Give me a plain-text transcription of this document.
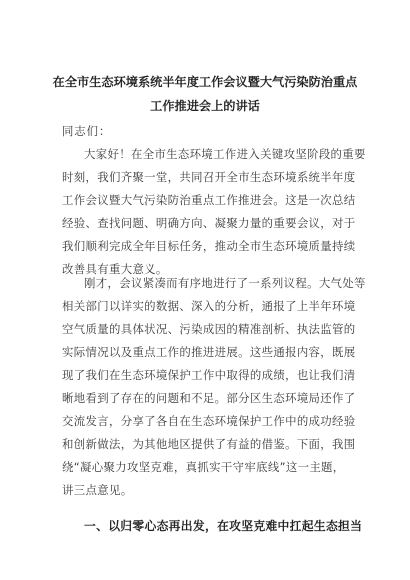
在全市生态环境系统半年度工作会议暨大气污染防治重点
工作推进会上的讲话
同志们：
大家好！在全市生态环境工作进入关键攻坚阶段的重要
时刻，我们齐聚一堂，共同召开全市生态环境系统半年度
工作会议暨大气污染防治重点工作推进会。这是一次总结
经验、查找问题、明确方向、凝聚力量的重要会议，对于
我们顺利完成全年目标任务，推动全市生态环境质量持续
改善具有重大意义。
刚才，会议紧凑而有序地进行了一系列议程。大气处等
相关部门以详实的数据、深入的分析，通报了上半年环境
空气质量的具体状况、污染成因的精准剖析、执法监管的
实际情况以及重点工作的推进进展。这些通报内容，既展
现了我们在生态环境保护工作中取得的成绩，也让我们清
晰地看到了存在的问题和不足。部分区生态环境局还作了
交流发言，分享了各自在生态环境保护工作中的成功经验
和创新做法，为其他地区提供了有益的借鉴。下面，我围
绕“凝心聚力攻坚克难，真抓实干守牢底线”这一主题，
讲三点意见。
一、以归零心态再出发，在攻坚克难中扛起生态担当
